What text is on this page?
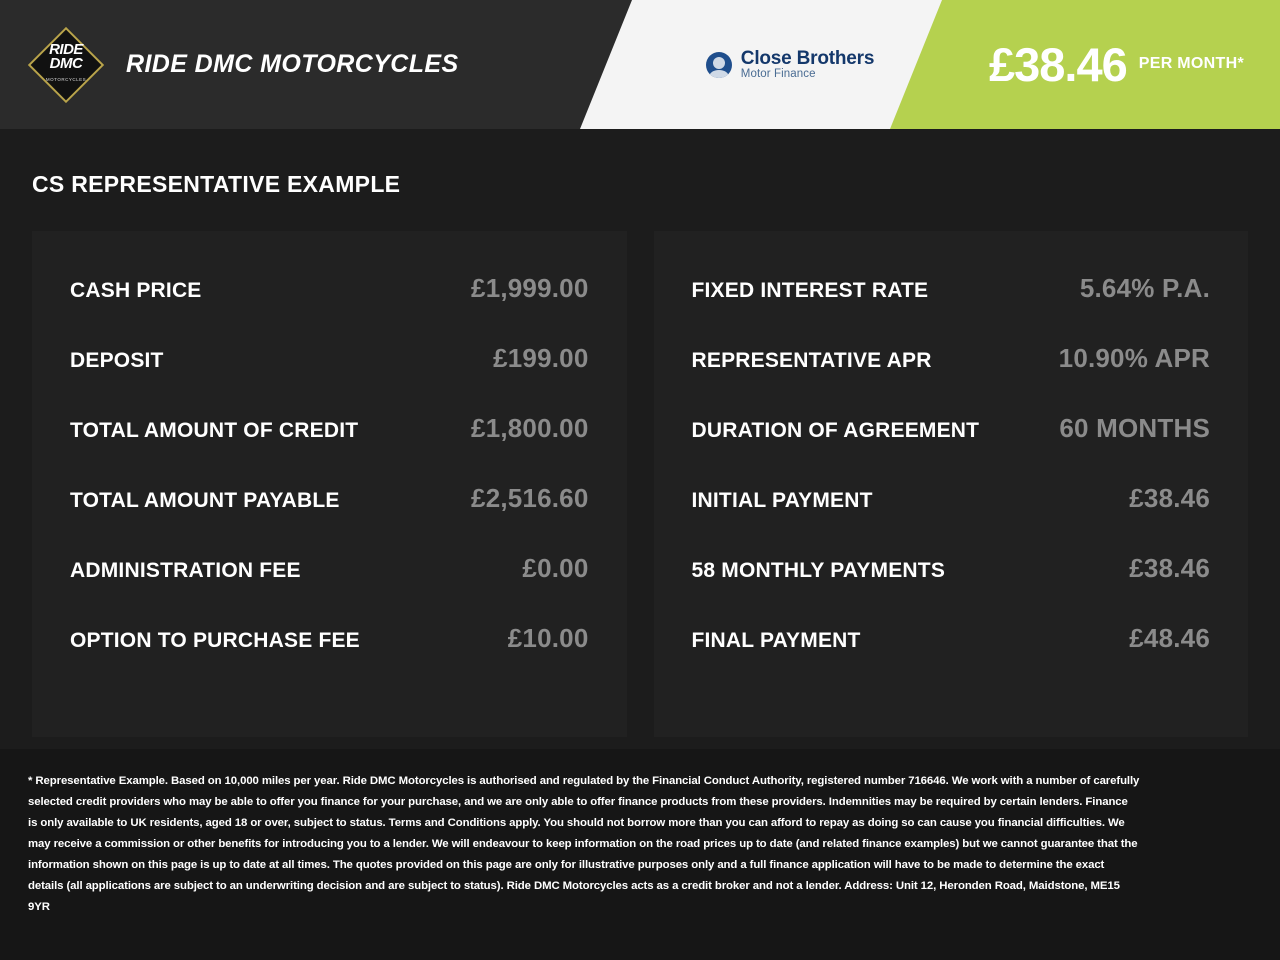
RIDE
DMC
MOTORCYCLES
RIDE DMC MOTORCYCLES	Close Brothers
Motor Finance	£38.46 PER MONTH*
CS REPRESENTATIVE EXAMPLE
CASH PRICE	£1,999.00
DEPOSIT	£199.00
TOTAL AMOUNT OF CREDIT	£1,800.00
TOTAL AMOUNT PAYABLE	£2,516.60
ADMINISTRATION FEE	£0.00
OPTION TO PURCHASE FEE	£10.00
FIXED INTEREST RATE	5.64% P.A.
REPRESENTATIVE APR	10.90% APR
DURATION OF AGREEMENT	60 MONTHS
INITIAL PAYMENT	£38.46
58 MONTHLY PAYMENTS	£38.46
FINAL PAYMENT	£48.46

* Representative Example. Based on 10,000 miles per year. Ride DMC Motorcycles is authorised and regulated by the Financial Conduct Authority, registered number 716646. We work with a number of carefully selected credit providers who may be able to offer you finance for your purchase, and we are only able to offer finance products from these providers. Indemnities may be required by certain lenders. Finance is only available to UK residents, aged 18 or over, subject to status. Terms and Conditions apply. You should not borrow more than you can afford to repay as doing so can cause you financial difficulties. We may receive a commission or other benefits for introducing you to a lender. We will endeavour to keep information on the road prices up to date (and related finance examples) but we cannot guarantee that the information shown on this page is up to date at all times. The quotes provided on this page are only for illustrative purposes only and a full finance application will have to be made to determine the exact details (all applications are subject to an underwriting decision and are subject to status). Ride DMC Motorcycles acts as a credit broker and not a lender. Address: Unit 12, Heronden Road, Maidstone, ME15 9YR
